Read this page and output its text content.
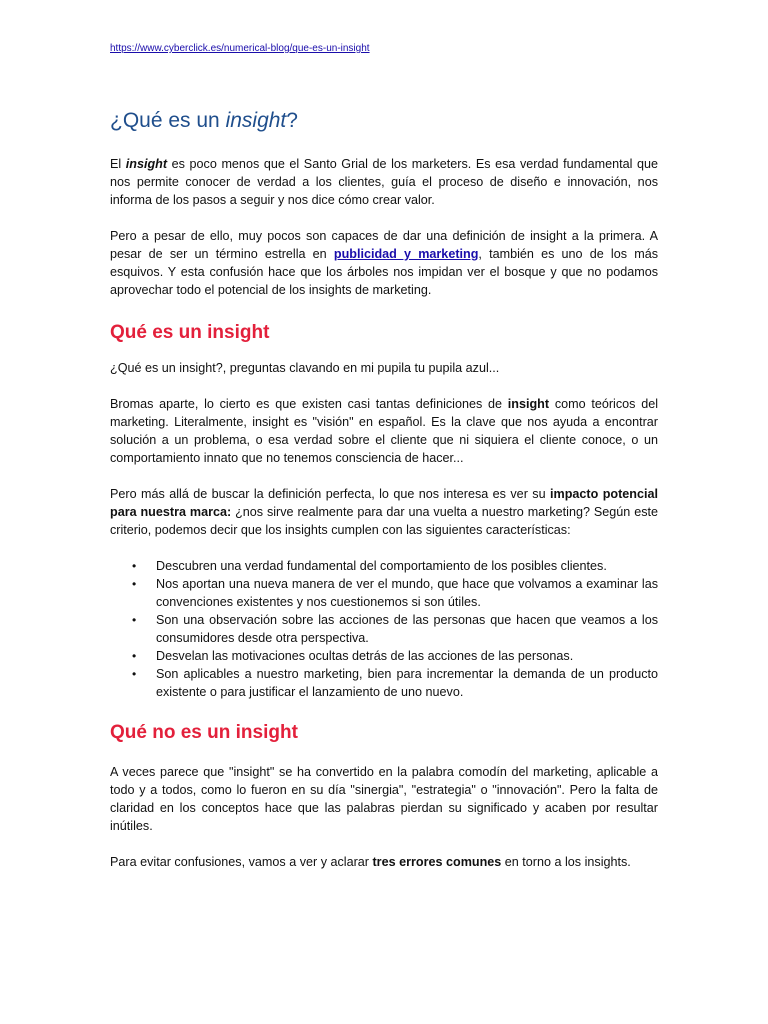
https://www.cyberclick.es/numerical-blog/que-es-un-insight
¿Qué es un insight?

El insight es poco menos que el Santo Grial de los marketers. Es esa verdad fundamental que nos permite conocer de verdad a los clientes, guía el proceso de diseño e innovación, nos informa de los pasos a seguir y nos dice cómo crear valor.

Pero a pesar de ello, muy pocos son capaces de dar una definición de insight a la primera. A pesar de ser un término estrella en publicidad y marketing, también es uno de los más esquivos. Y esta confusión hace que los árboles nos impidan ver el bosque y que no podamos aprovechar todo el potencial de los insights de marketing.

Qué es un insight

¿Qué es un insight?, preguntas clavando en mi pupila tu pupila azul...

Bromas aparte, lo cierto es que existen casi tantas definiciones de insight como teóricos del marketing. Literalmente, insight es "visión" en español. Es la clave que nos ayuda a encontrar solución a un problema, o esa verdad sobre el cliente que ni siquiera el cliente conoce, o un comportamiento innato que no tenemos consciencia de hacer...

Pero más allá de buscar la definición perfecta, lo que nos interesa es ver su impacto potencial para nuestra marca: ¿nos sirve realmente para dar una vuelta a nuestro marketing? Según este criterio, podemos decir que los insights cumplen con las siguientes características:

• Descubren una verdad fundamental del comportamiento de los posibles clientes.
• Nos aportan una nueva manera de ver el mundo, que hace que volvamos a examinar las convenciones existentes y nos cuestionemos si son útiles.
• Son una observación sobre las acciones de las personas que hacen que veamos a los consumidores desde otra perspectiva.
• Desvelan las motivaciones ocultas detrás de las acciones de las personas.
• Son aplicables a nuestro marketing, bien para incrementar la demanda de un producto existente o para justificar el lanzamiento de uno nuevo.
Qué no es un insight

A veces parece que "insight" se ha convertido en la palabra comodín del marketing, aplicable a todo y a todos, como lo fueron en su día "sinergia", "estrategia" o "innovación". Pero la falta de claridad en los conceptos hace que las palabras pierdan su significado y acaben por resultar inútiles.

Para evitar confusiones, vamos a ver y aclarar tres errores comunes en torno a los insights.
